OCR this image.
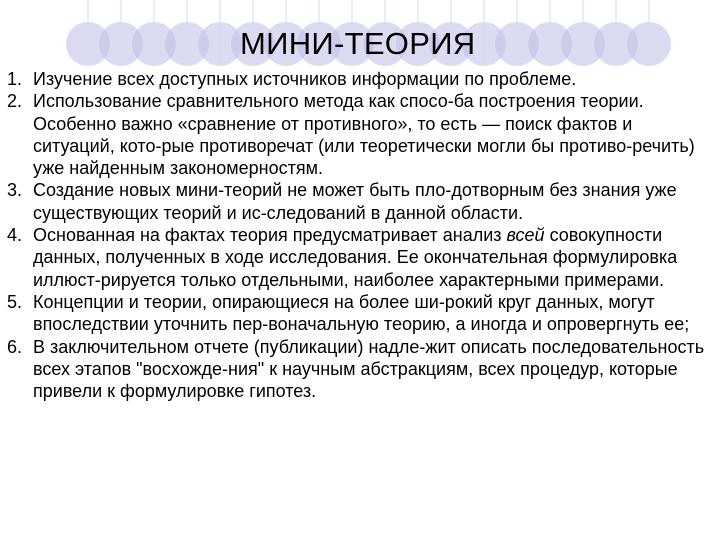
МИНИ-ТЕОРИЯ
1. Изучение всех доступных источников информации по проблеме.
2. Использование сравнительного метода как спосо-ба построения теории. Особенно важно «сравнение от противного», то есть — поиск фактов и ситуаций, кото-рые противоречат (или теоретически могли бы противо-речить) уже найденным закономерностям.
3. Создание новых мини-теорий не может быть пло-дотворным без знания уже существующих теорий и ис-следований в данной области.
4. Основанная на фактах теория предусматривает анализ всей совокупности данных, полученных в ходе исследования. Ее окончательная формулировка иллюст-рируется только отдельными, наиболее характерными примерами.
5. Концепции и теории, опирающиеся на более ши-рокий круг данных, могут впоследствии уточнить пер-воначальную теорию, а иногда и опровергнуть ее;
6. В заключительном отчете (публикации) надле-жит описать последовательность всех этапов "восхожде-ния" к научным абстракциям, всех процедур, которые привели к формулировке гипотез.
